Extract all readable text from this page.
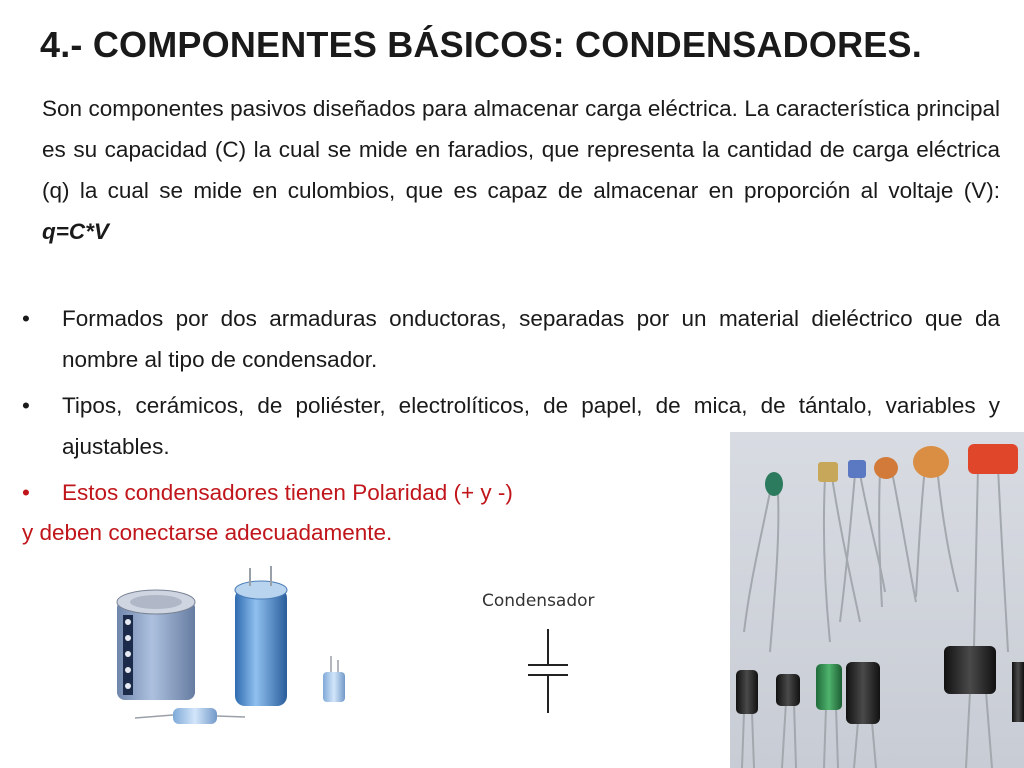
4.- COMPONENTES BÁSICOS: CONDENSADORES.

Son componentes pasivos diseñados para almacenar carga eléctrica. La característica principal es su capacidad (C) la cual se mide en faradios, que representa la cantidad de carga eléctrica (q) la cual se mide en culombios, que es capaz de almacenar en proporción al voltaje (V): q=C*V

• Formados por dos armaduras onductoras, separadas por un material dieléctrico que da nombre al tipo de condensador.
• Tipos, cerámicos, de poliéster, electrolíticos, de papel, de mica, de tántalo, variables y ajustables.
• Estos condensadores tienen Polaridad (+ y -)
y deben conectarse adecuadamente.
Condensador
